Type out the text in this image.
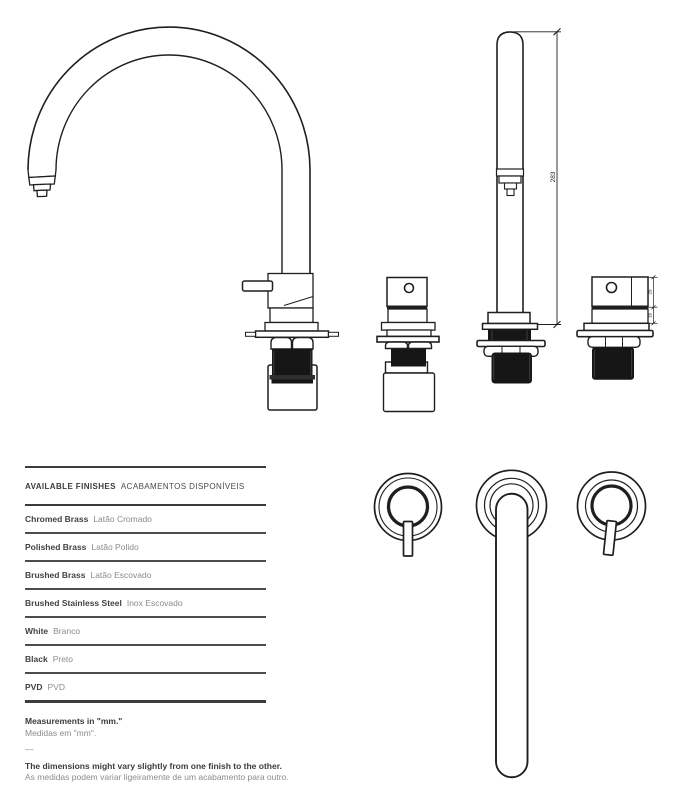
283
29
16
AVAILABLE FINISHES ACABAMENTOS DISPONÍVEIS
Chromed Brass Latão Cromado
Polished Brass Latão Polido
Brushed Brass Latão Escovado
Brushed Stainless Steel Inox Escovado
White Branco
Black Preto
PVD PVD

Measurements in "mm."

Medidas em "mm".

—

The dimensions might vary slightly from one finish to the other.

As medidas podem variar ligeiramente de um acabamento para outro.
